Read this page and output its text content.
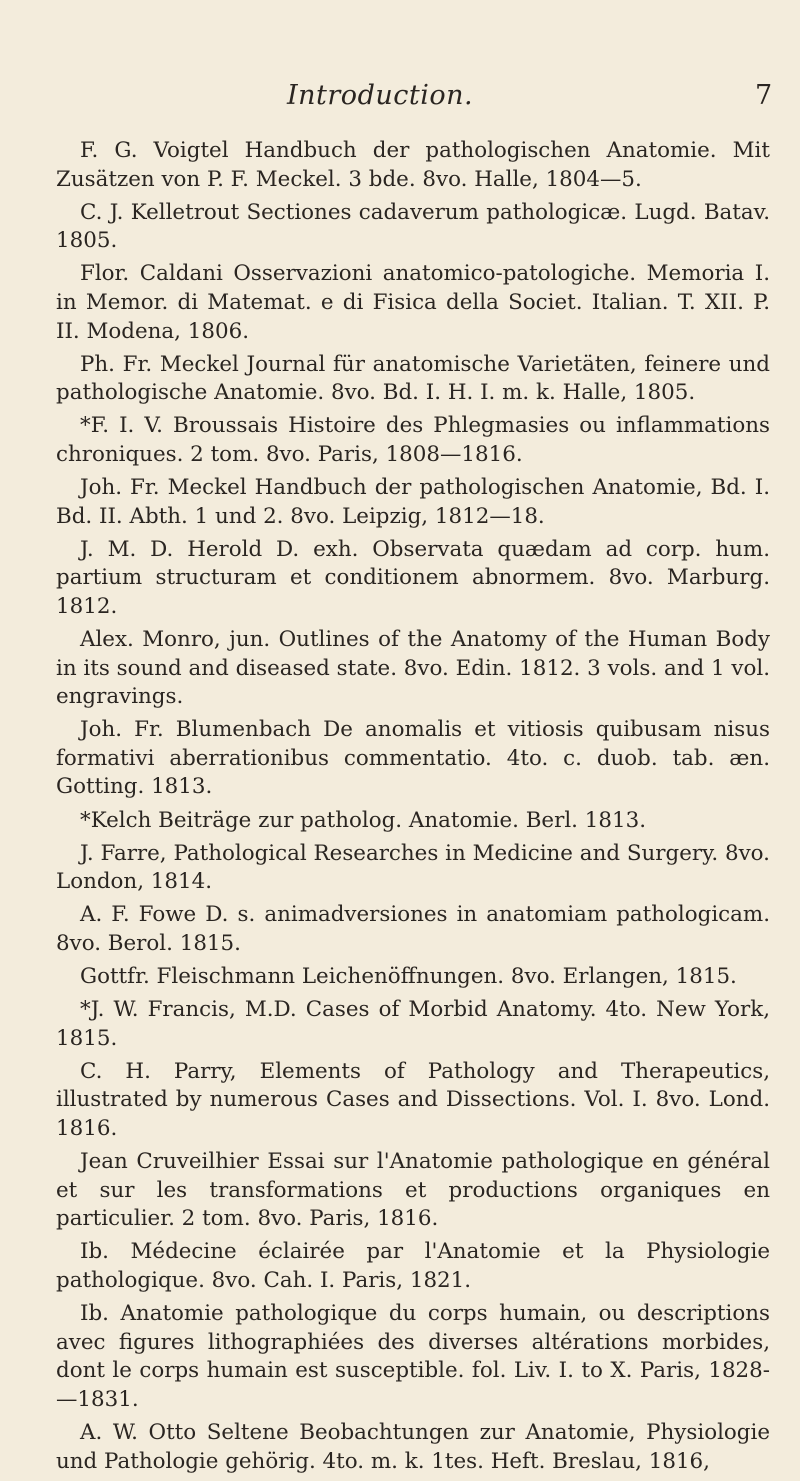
Introduction.	7

F. G. Voigtel Handbuch der pathologischen Anatomie. Mit Zusätzen von P. F. Meckel. 3 bde. 8vo. Halle, 1804—5.

C. J. Kelletrout Sectiones cadaverum pathologicæ. Lugd. Batav. 1805.

Flor. Caldani Osservazioni anatomico-patologiche. Memoria I. in Memor. di Matemat. e di Fisica della Societ. Italian. T. XII. P. II. Modena, 1806.

Ph. Fr. Meckel Journal für anatomische Varietäten, feinere und pathologische Anatomie. 8vo. Bd. I. H. I. m. k. Halle, 1805.

*F. I. V. Broussais Histoire des Phlegmasies ou inflammations chroniques. 2 tom. 8vo. Paris, 1808—1816.

Joh. Fr. Meckel Handbuch der pathologischen Anatomie, Bd. I. Bd. II. Abth. 1 und 2. 8vo. Leipzig, 1812—18.

J. M. D. Herold D. exh. Observata quædam ad corp. hum. partium structuram et conditionem abnormem. 8vo. Marburg. 1812.

Alex. Monro, jun. Outlines of the Anatomy of the Human Body in its sound and diseased state. 8vo. Edin. 1812. 3 vols. and 1 vol. engravings.

Joh. Fr. Blumenbach De anomalis et vitiosis quibusam nisus formativi aberrationibus commentatio. 4to. c. duob. tab. æn. Gotting. 1813.

*Kelch Beiträge zur patholog. Anatomie. Berl. 1813.

J. Farre, Pathological Researches in Medicine and Surgery. 8vo. London, 1814.

A. F. Fowe D. s. animadversiones in anatomiam pathologicam. 8vo. Berol. 1815.

Gottfr. Fleischmann Leichenöffnungen. 8vo. Erlangen, 1815.

*J. W. Francis, M.D. Cases of Morbid Anatomy. 4to. New York, 1815.

C. H. Parry, Elements of Pathology and Therapeutics, illustrated by numerous Cases and Dissections. Vol. I. 8vo. Lond. 1816.

Jean Cruveilhier Essai sur l'Anatomie pathologique en général et sur les transformations et productions organiques en particulier. 2 tom. 8vo. Paris, 1816.

Ib. Médecine éclairée par l'Anatomie et la Physiologie pathologique. 8vo. Cah. I. Paris, 1821.

Ib. Anatomie pathologique du corps humain, ou descriptions avec figures lithographiées des diverses altérations morbides, dont le corps humain est susceptible. fol. Liv. I. to X. Paris, 1828-—1831.

A. W. Otto Seltene Beobachtungen zur Anatomie, Physiologie und Pathologie gehörig. 4to. m. k. 1tes. Heft. Breslau, 1816,
